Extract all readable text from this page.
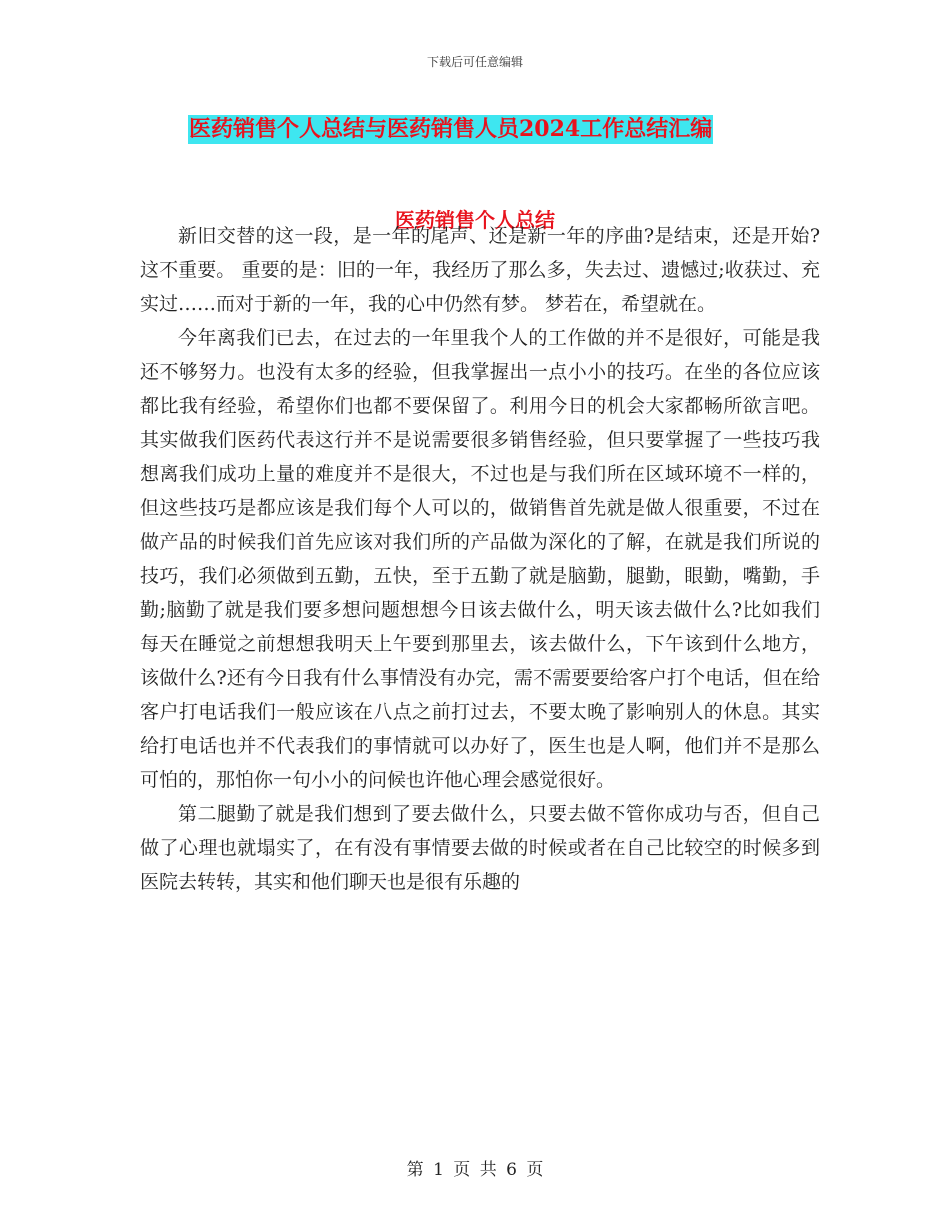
下载后可任意编辑
医药销售个人总结与医药销售人员2024工作总结汇编
医药销售个人总结

新旧交替的这一段，是一年的尾声、还是新一年的序曲?是结束，还是开始? 这不重要。 重要的是：旧的一年，我经历了那么多，失去过、遗憾过;收获过、充实过……而对于新的一年，我的心中仍然有梦。 梦若在，希望就在。

今年离我们已去，在过去的一年里我个人的工作做的并不是很好，可能是我还不够努力。也没有太多的经验，但我掌握出一点小小的技巧。在坐的各位应该都比我有经验，希望你们也都不要保留了。利用今日的机会大家都畅所欲言吧。其实做我们医药代表这行并不是说需要很多销售经验，但只要掌握了一些技巧我想离我们成功上量的难度并不是很大，不过也是与我们所在区域环境不一样的，但这些技巧是都应该是我们每个人可以的，做销售首先就是做人很重要，不过在做产品的时候我们首先应该对我们所的产品做为深化的了解，在就是我们所说的技巧，我们必须做到五勤，五快，至于五勤了就是脑勤，腿勤，眼勤，嘴勤，手勤;脑勤了就是我们要多想问题想想今日该去做什么，明天该去做什么?比如我们每天在睡觉之前想想我明天上午要到那里去，该去做什么，下午该到什么地方，该做什么?还有今日我有什么事情没有办完，需不需要要给客户打个电话，但在给客户打电话我们一般应该在八点之前打过去，不要太晚了影响别人的休息。其实给打电话也并不代表我们的事情就可以办好了，医生也是人啊，他们并不是那么可怕的，那怕你一句小小的问候也许他心理会感觉很好。

第二腿勤了就是我们想到了要去做什么，只要去做不管你成功与否，但自己做了心理也就塌实了，在有没有事情要去做的时候或者在自己比较空的时候多到医院去转转，其实和他们聊天也是很有乐趣的

第 1 页 共 6 页
